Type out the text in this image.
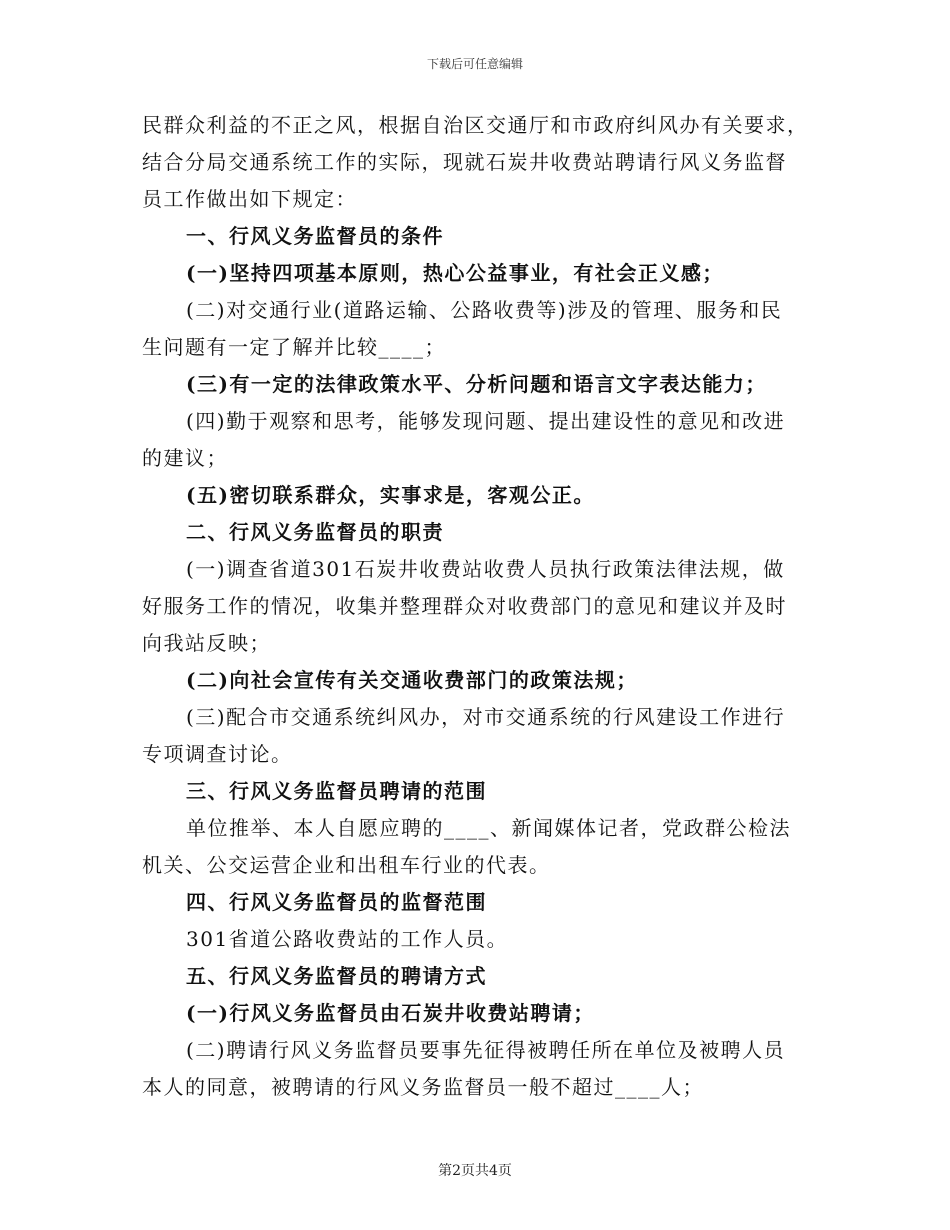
下载后可任意编辑

民群众利益的不正之风，根据自治区交通厅和市政府纠风办有关要求，

结合分局交通系统工作的实际，现就石炭井收费站聘请行风义务监督

员工作做出如下规定：

一、行风义务监督员的条件

(一)坚持四项基本原则，热心公益事业，有社会正义感；

(二)对交通行业(道路运输、公路收费等)涉及的管理、服务和民

生问题有一定了解并比较____；

(三)有一定的法律政策水平、分析问题和语言文字表达能力；

(四)勤于观察和思考，能够发现问题、提出建设性的意见和改进

的建议；

(五)密切联系群众，实事求是，客观公正。

二、行风义务监督员的职责

(一)调查省道301石炭井收费站收费人员执行政策法律法规，做

好服务工作的情况，收集并整理群众对收费部门的意见和建议并及时

向我站反映；

(二)向社会宣传有关交通收费部门的政策法规；

(三)配合市交通系统纠风办，对市交通系统的行风建设工作进行

专项调查讨论。

三、行风义务监督员聘请的范围

单位推举、本人自愿应聘的____、新闻媒体记者，党政群公检法

机关、公交运营企业和出租车行业的代表。

四、行风义务监督员的监督范围

301省道公路收费站的工作人员。

五、行风义务监督员的聘请方式

(一)行风义务监督员由石炭井收费站聘请；

(二)聘请行风义务监督员要事先征得被聘任所在单位及被聘人员

本人的同意，被聘请的行风义务监督员一般不超过____人；

第2页共4页
